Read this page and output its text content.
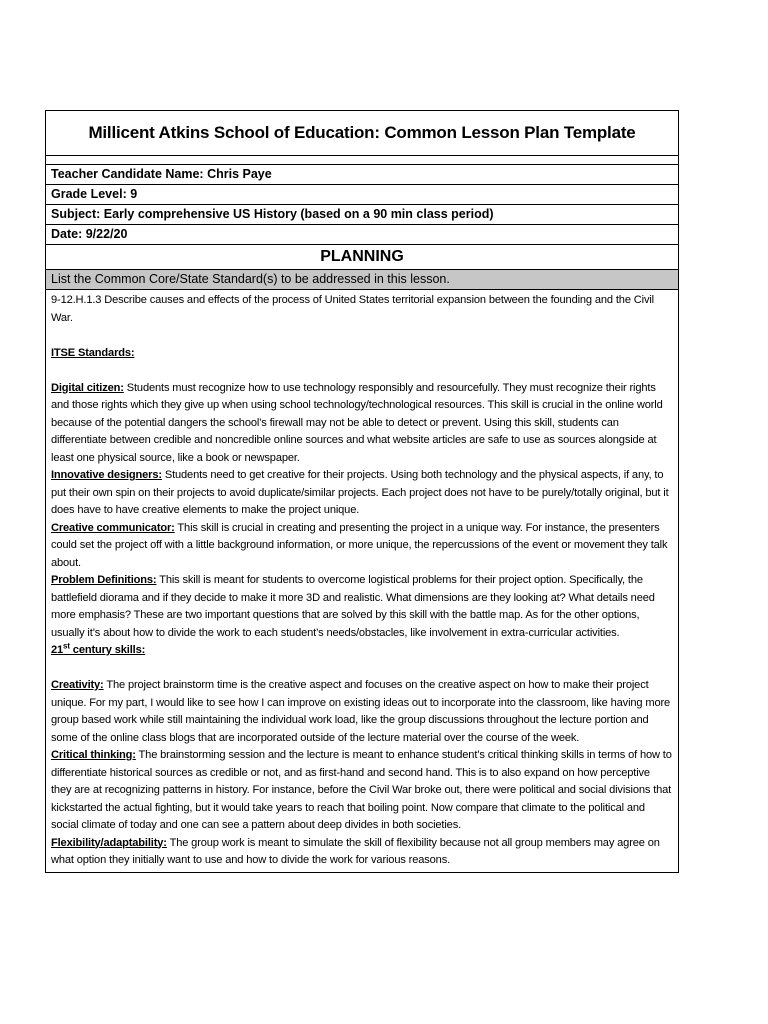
Millicent Atkins School of Education: Common Lesson Plan Template
Teacher Candidate Name: Chris Paye
Grade Level: 9
Subject: Early comprehensive US History (based on a 90 min class period)
Date: 9/22/20
PLANNING
List the Common Core/State Standard(s) to be addressed in this lesson.

9-12.H.1.3 Describe causes and effects of the process of United States territorial expansion between the founding and the Civil War.

ITSE Standards:

Digital citizen: Students must recognize how to use technology responsibly and resourcefully. They must recognize their rights and those rights which they give up when using school technology/technological resources. This skill is crucial in the online world because of the potential dangers the school’s firewall may not be able to detect or prevent. Using this skill, students can differentiate between credible and noncredible online sources and what website articles are safe to use as sources alongside at least one physical source, like a book or newspaper.

Innovative designers: Students need to get creative for their projects. Using both technology and the physical aspects, if any, to put their own spin on their projects to avoid duplicate/similar projects. Each project does not have to be purely/totally original, but it does have to have creative elements to make the project unique.

Creative communicator: This skill is crucial in creating and presenting the project in a unique way. For instance, the presenters could set the project off with a little background information, or more unique, the repercussions of the event or movement they talk about.

Problem Definitions: This skill is meant for students to overcome logistical problems for their project option. Specifically, the battlefield diorama and if they decide to make it more 3D and realistic. What dimensions are they looking at? What details need more emphasis? These are two important questions that are solved by this skill with the battle map. As for the other options, usually it’s about how to divide the work to each student’s needs/obstacles, like involvement in extra-curricular activities.

21st century skills:

Creativity: The project brainstorm time is the creative aspect and focuses on the creative aspect on how to make their project unique. For my part, I would like to see how I can improve on existing ideas out to incorporate into the classroom, like having more group based work while still maintaining the individual work load, like the group discussions throughout the lecture portion and some of the online class blogs that are incorporated outside of the lecture material over the course of the week.

Critical thinking: The brainstorming session and the lecture is meant to enhance student’s critical thinking skills in terms of how to differentiate historical sources as credible or not, and as first-hand and second hand. This is to also expand on how perceptive they are at recognizing patterns in history. For instance, before the Civil War broke out, there were political and social divisions that kickstarted the actual fighting, but it would take years to reach that boiling point. Now compare that climate to the political and social climate of today and one can see a pattern about deep divides in both societies.

Flexibility/adaptability: The group work is meant to simulate the skill of flexibility because not all group members may agree on what option they initially want to use and how to divide the work for various reasons.
